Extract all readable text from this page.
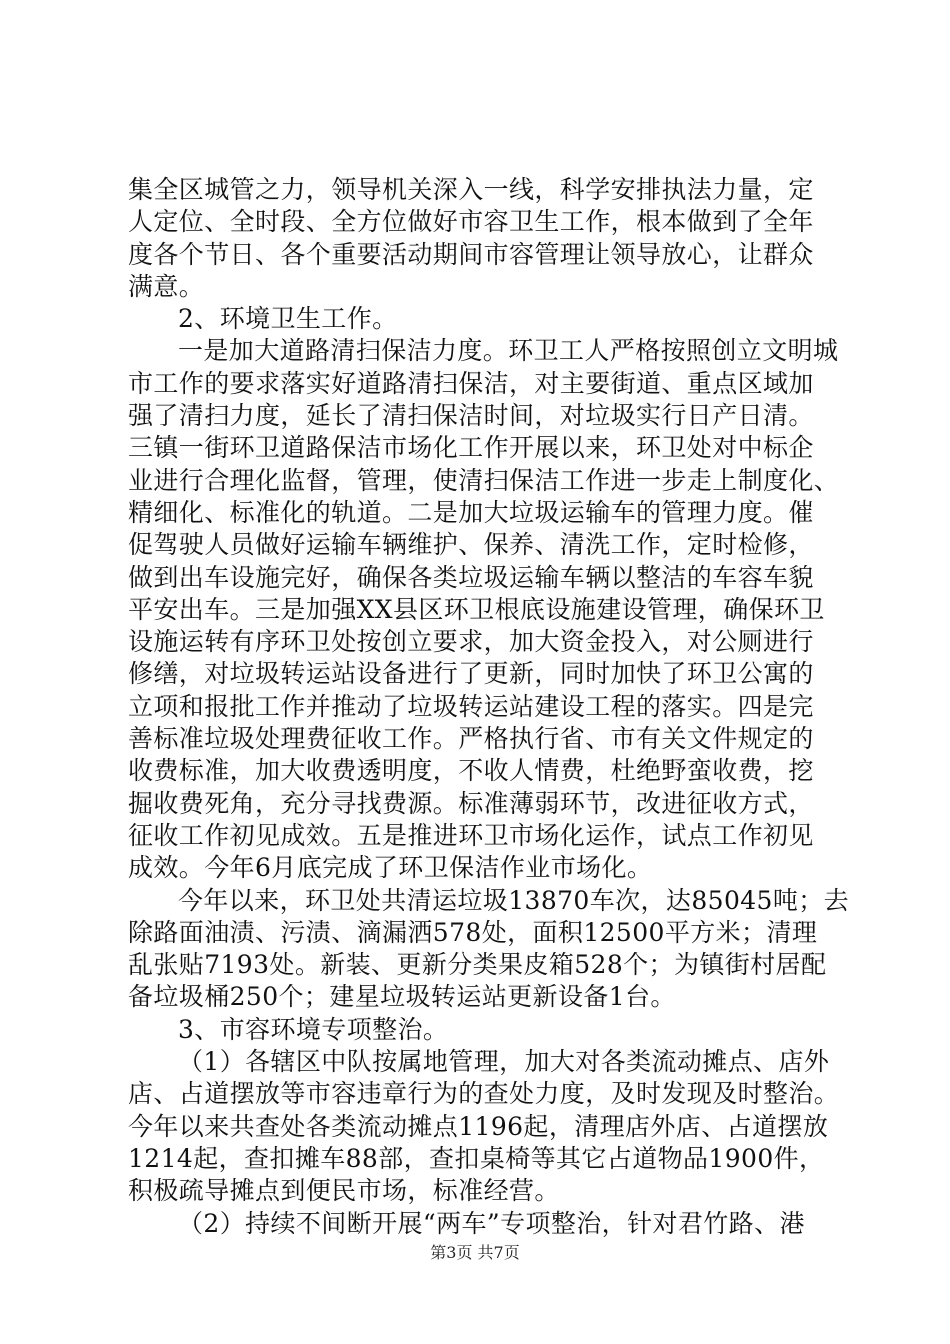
集全区城管之力，领导机关深入一线，科学安排执法力量，定
人定位、全时段、全方位做好市容卫生工作，根本做到了全年
度各个节日、各个重要活动期间市容管理让领导放心，让群众
满意。
2、环境卫生工作。
一是加大道路清扫保洁力度。环卫工人严格按照创立文明城
市工作的要求落实好道路清扫保洁，对主要街道、重点区域加
强了清扫力度，延长了清扫保洁时间，对垃圾实行日产日清。
三镇一街环卫道路保洁市场化工作开展以来，环卫处对中标企
业进行合理化监督，管理，使清扫保洁工作进一步走上制度化、
精细化、标准化的轨道。二是加大垃圾运输车的管理力度。催
促驾驶人员做好运输车辆维护、保养、清洗工作，定时检修，
做到出车设施完好，确保各类垃圾运输车辆以整洁的车容车貌
平安出车。三是加强XX县区环卫根底设施建设管理，确保环卫
设施运转有序环卫处按创立要求，加大资金投入，对公厕进行
修缮，对垃圾转运站设备进行了更新，同时加快了环卫公寓的
立项和报批工作并推动了垃圾转运站建设工程的落实。四是完
善标准垃圾处理费征收工作。严格执行省、市有关文件规定的
收费标准，加大收费透明度，不收人情费，杜绝野蛮收费，挖
掘收费死角，充分寻找费源。标准薄弱环节，改进征收方式，
征收工作初见成效。五是推进环卫市场化运作，试点工作初见
成效。今年6月底完成了环卫保洁作业市场化。
今年以来，环卫处共清运垃圾13870车次，达85045吨；去
除路面油渍、污渍、滴漏洒578处，面积12500平方米；清理
乱张贴7193处。新装、更新分类果皮箱528个；为镇街村居配
备垃圾桶250个；建星垃圾转运站更新设备1台。
3、市容环境专项整治。
（1）各辖区中队按属地管理，加大对各类流动摊点、店外
店、占道摆放等市容违章行为的查处力度，及时发现及时整治。
今年以来共查处各类流动摊点1196起，清理店外店、占道摆放
1214起，查扣摊车88部，查扣桌椅等其它占道物品1900件，
积极疏导摊点到便民市场，标准经营。
（2）持续不间断开展“两车”专项整治，针对君竹路、港
第3页 共7页
